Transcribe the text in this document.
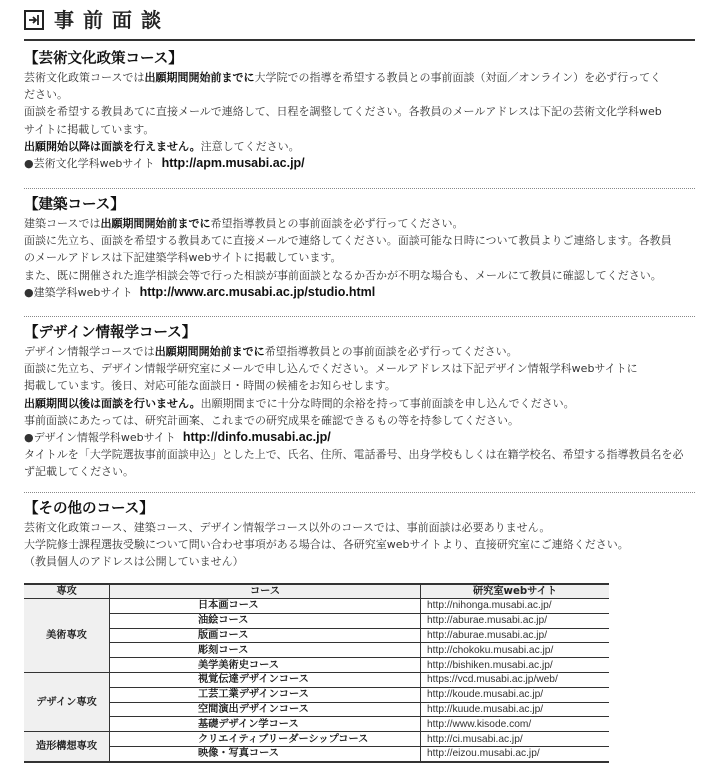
事前面談
【芸術文化政策コース】
芸術文化政策コースでは出願期間開始前までに大学院での指導を希望する教員との事前面談（対面／オンライン）を必ず行ってく
ださい。
面談を希望する教員あてに直接メールで連絡して、日程を調整してください。各教員のメールアドレスは下記の芸術文化学科web
サイトに掲載しています。
出願開始以降は面談を行えません。注意してください。
●芸術文化学科webサイト  http://apm.musabi.ac.jp/
【建築コース】
建築コースでは出願期間開始前までに希望指導教員との事前面談を必ず行ってください。
面談に先立ち、面談を希望する教員あてに直接メールで連絡してください。面談可能な日時について教員よりご連絡します。各教員
のメールアドレスは下記建築学科webサイトに掲載しています。
また、既に開催された進学相談会等で行った相談が事前面談となるか否かが不明な場合も、メールにて教員に確認してください。
●建築学科webサイト  http://www.arc.musabi.ac.jp/studio.html
【デザイン情報学コース】
デザイン情報学コースでは出願期間開始前までに希望指導教員との事前面談を必ず行ってください。
面談に先立ち、デザイン情報学研究室にメールで申し込んでください。メールアドレスは下記デザイン情報学科webサイトに
掲載しています。後日、対応可能な面談日・時間の候補をお知らせします。
出願期間以後は面談を行いません。出願期間までに十分な時間的余裕を持って事前面談を申し込んでください。
事前面談にあたっては、研究計画案、これまでの研究成果を確認できるもの等を持参してください。
●デザイン情報学科webサイト  http://dinfo.musabi.ac.jp/
タイトルを「大学院選抜事前面談申込」とした上で、氏名、住所、電話番号、出身学校もしくは在籍学校名、希望する指導教員名を必
ず記載してください。
【その他のコース】
芸術文化政策コース、建築コース、デザイン情報学コース以外のコースでは、事前面談は必要ありません。
大学院修士課程選抜受験について問い合わせ事項がある場合は、各研究室webサイトより、直接研究室にご連絡ください。
（教員個人のアドレスは公開していません）
専攻	コース	研究室webサイト
美術専攻	日本画コース	http://nihonga.musabi.ac.jp/
	油絵コース	http://aburae.musabi.ac.jp/
	版画コース	http://aburae.musabi.ac.jp/
	彫刻コース	http://chokoku.musabi.ac.jp/
	美学美術史コース	http://bishiken.musabi.ac.jp/
デザイン専攻	視覚伝達デザインコース	https://vcd.musabi.ac.jp/web/
	工芸工業デザインコース	http://koude.musabi.ac.jp/
	空間演出デザインコース	http://kuude.musabi.ac.jp/
	基礎デザイン学コース	http://www.kisode.com/
造形構想専攻	クリエイティブリーダーシップコース	http://ci.musabi.ac.jp/
	映像・写真コース	http://eizou.musabi.ac.jp/
